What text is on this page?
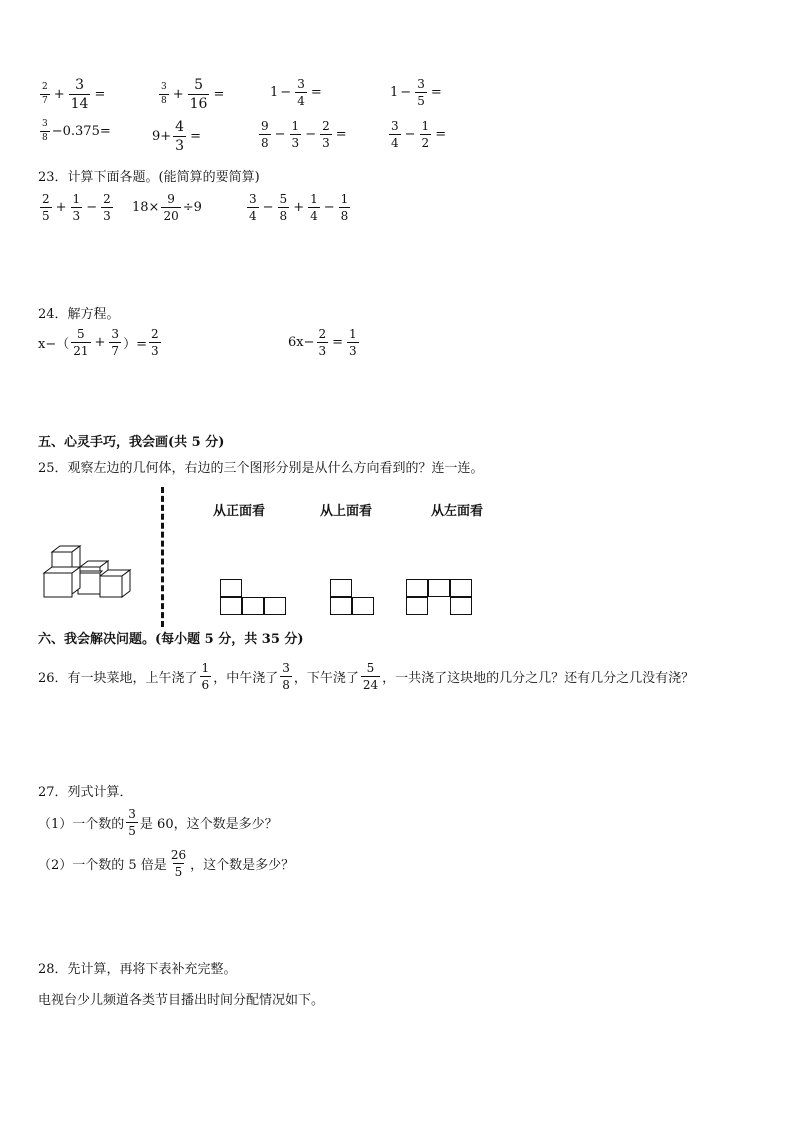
$\frac{2}{7} + \frac{3}{14}$ =	$\frac{3}{8} + \frac{5}{16}$ =	$1 - \frac{3}{4}$ =	$1 - \frac{3}{5}$ =
$\frac{3}{8} -0.375=$	$9+ \frac{4}{3}$ =	$\frac{9}{8} - \frac{1}{3} - \frac{2}{3}$ =	$\frac{3}{4} - \frac{1}{2}$ =
23．计算下面各题。(能简算的要简算)
$\frac{2}{5} + \frac{1}{3} - \frac{2}{3} 18\times \frac{9}{20} \div 9$	$\frac{3}{4} - \frac{5}{8} + \frac{1}{4} - \frac{1}{8}$
24．解方程。
$x-( \frac{5}{21} + \frac{3}{7}$ ）= $\frac{2}{3}$	$6x- \frac{2}{3} = \frac{1}{3}$
五、心灵手巧，我会画(共 5 分)
25．观察左边的几何体，右边的三个图形分别是从什么方向看到的？连一连。
从正面看	从上面看	从左面看
六、我会解决问题。(每小题 5 分，共 35 分)
26．有一块菜地，上午浇了 $\frac{1}{6}$ ，中午浇了 $\frac{3}{8}$ ，下午浇了 $\frac{5}{24}$ ，一共浇了这块地的几分之几？还有几分之几没有浇？
27．列式计算．
（1）一个数的 $\frac{3}{5}$ 是 60，这个数是多少？
（2）一个数的 5 倍是 $\frac{26}{5}$ ，这个数是多少？
28．先计算，再将下表补充完整。
电视台少儿频道各类节目播出时间分配情况如下。
